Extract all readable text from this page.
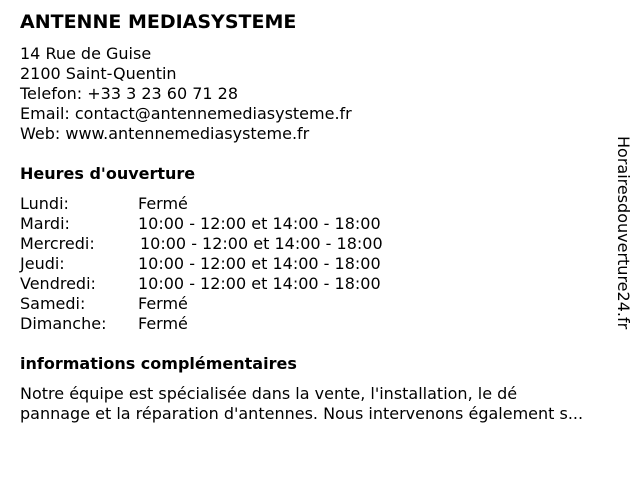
ANTENNE MEDIASYSTEME
14 Rue de Guise
2100 Saint-Quentin
Telefon: +33 3 23 60 71 28
Email: contact@antennemediasysteme.fr
Web: www.antennemediasysteme.fr
Heures d'ouverture
Lundi:	Fermé
Mardi:	10:00 - 12:00 et 14:00 - 18:00
Mercredi:	10:00 - 12:00 et 14:00 - 18:00
Jeudi:	10:00 - 12:00 et 14:00 - 18:00
Vendredi:	10:00 - 12:00 et 14:00 - 18:00
Samedi:	Fermé
Dimanche: Fermé
informations complémentaires
Notre équipe est spécialisée dans la vente, l'installation, le dé
pannage et la réparation d'antennes. Nous intervenons également s...
Horairesdouverture24.fr
